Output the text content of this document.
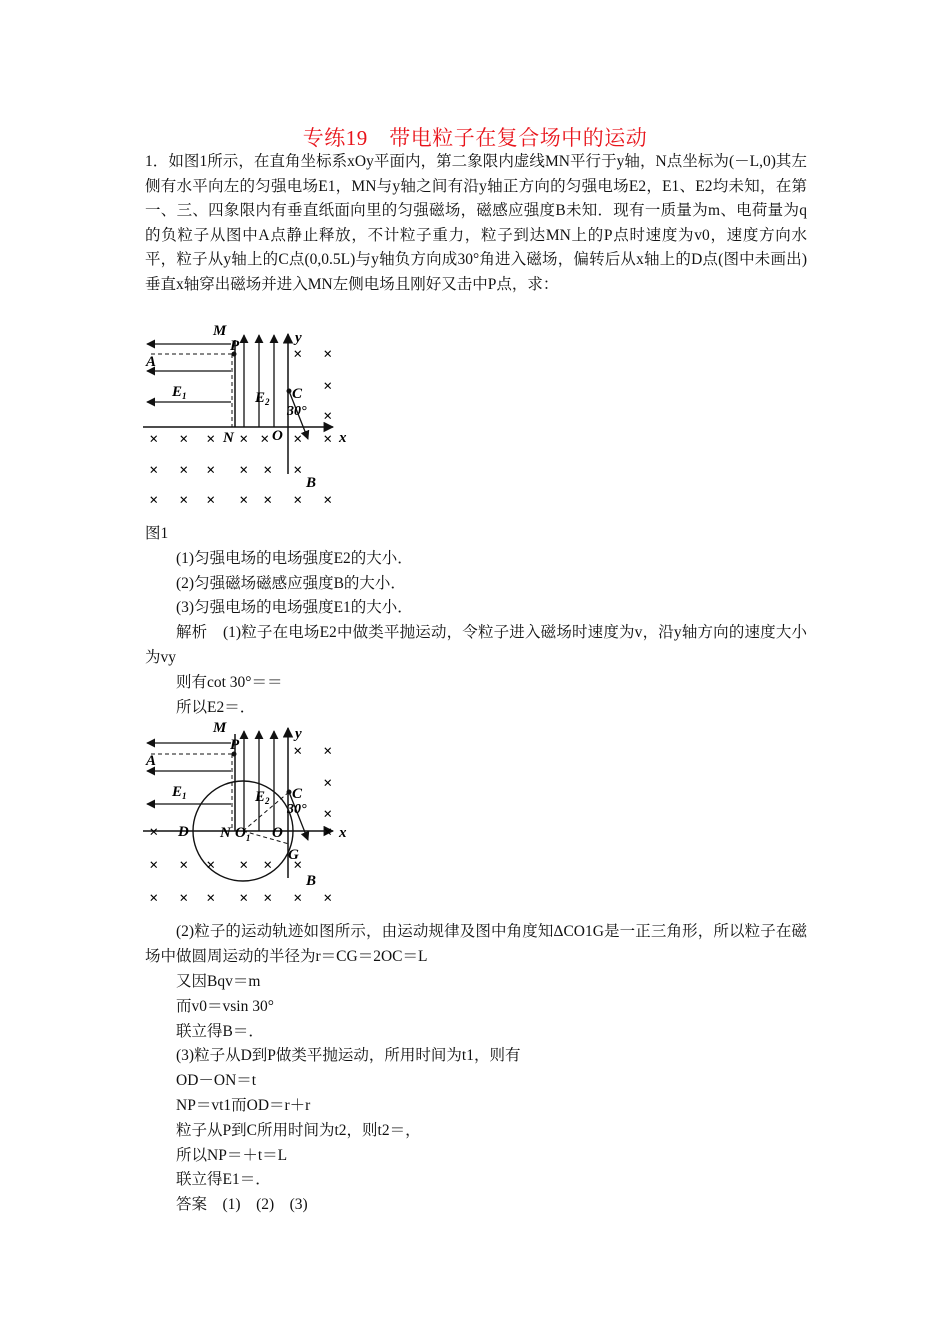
专练19　带电粒子在复合场中的运动

1．如图1所示，在直角坐标系xOy平面内，第二象限内虚线MN平行于y轴，N点坐标为(－L,0)其左侧有水平向左的匀强电场E1，MN与y轴之间有沿y轴正方向的匀强电场E2，E1、E2均未知，在第一、三、四象限内有垂直纸面向里的匀强磁场，磁感应强度B未知．现有一质量为m、电荷量为q的负粒子从图中A点静止释放，不计粒子重力，粒子到达MN上的P点时速度为v0，速度方向水平，粒子从y轴上的C点(0,0.5L)与y轴负方向成30°角进入磁场，偏转后从x轴上的D点(图中未画出)垂直x轴穿出磁场并进入MN左侧电场且刚好又击中P点，求：

M
P
A
$E_1$	$E_2$ C
30°
N	O	x
y
B
× ×
×
×
× × × × × × ×
× × × × × ×
× × × × × × ×
图1
(1)匀强电场的电场强度E2的大小．
(2)匀强磁场磁感应强度B的大小．
(3)匀强电场的电场强度E1的大小．

解析　(1)粒子在电场E2中做类平抛运动，令粒子进入磁场时速度为v，沿y轴方向的速度大小为vy

则有cot 30°＝＝
所以E2＝．
M
P
A
$E_1$	$E_2$ C
30°
D N $O_1$ O
G
x
y
B
× ×
×
×
×	×
× × × × × ×
× × × × × × ×

(2)粒子的运动轨迹如图所示，由运动规律及图中角度知ΔCO1G是一正三角形，所以粒子在磁场中做圆周运动的半径为r＝CG＝2OC＝L

又因Bqv＝m
而v0＝vsin 30°
联立得B＝．
(3)粒子从D到P做类平抛运动，所用时间为t1，则有
OD－ON＝t
NP＝vt1而OD＝r＋r
粒子从P到C所用时间为t2，则t2＝，
所以NP＝＋t＝L
联立得E1＝．
答案　(1)　(2)　(3)
